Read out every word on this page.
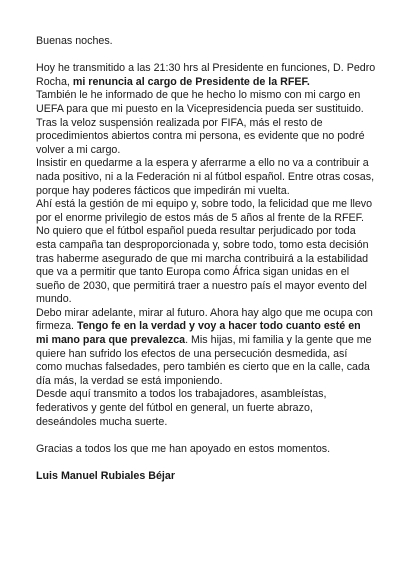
Buenas noches.

Hoy he transmitido a las 21:30 hrs al Presidente en funciones, D. Pedro Rocha, mi renuncia al cargo de Presidente de la RFEF.

También le he informado de que he hecho lo mismo con mi cargo en UEFA para que mi puesto en la Vicepresidencia pueda ser sustituido.

Tras la veloz suspensión realizada por FIFA, más el resto de procedimientos abiertos contra mi persona, es evidente que no podré volver a mi cargo.

Insistir en quedarme a la espera y aferrarme a ello no va a contribuir a nada positivo, ni a la Federación ni al fútbol español. Entre otras cosas, porque hay poderes fácticos que impedirán mi vuelta.

Ahí está la gestión de mi equipo y, sobre todo, la felicidad que me llevo por el enorme privilegio de estos más de 5 años al frente de la RFEF.

No quiero que el fútbol español pueda resultar perjudicado por toda esta campaña tan desproporcionada y, sobre todo, tomo esta decisión tras haberme asegurado de que mi marcha contribuirá a la estabilidad que va a permitir que tanto Europa como África sigan unidas en el sueño de 2030, que permitirá traer a nuestro país el mayor evento del mundo.

Debo mirar adelante, mirar al futuro. Ahora hay algo que me ocupa con firmeza. Tengo fe en la verdad y voy a hacer todo cuanto esté en mi mano para que prevalezca. Mis hijas, mi familia y la gente que me quiere han sufrido los efectos de una persecución desmedida, así como muchas falsedades, pero también es cierto que en la calle, cada día más, la verdad se está imponiendo.

Desde aquí transmito a todos los trabajadores, asambleístas, federativos y gente del fútbol en general, un fuerte abrazo, deseándoles mucha suerte.

Gracias a todos los que me han apoyado en estos momentos.

Luis Manuel Rubiales Béjar
